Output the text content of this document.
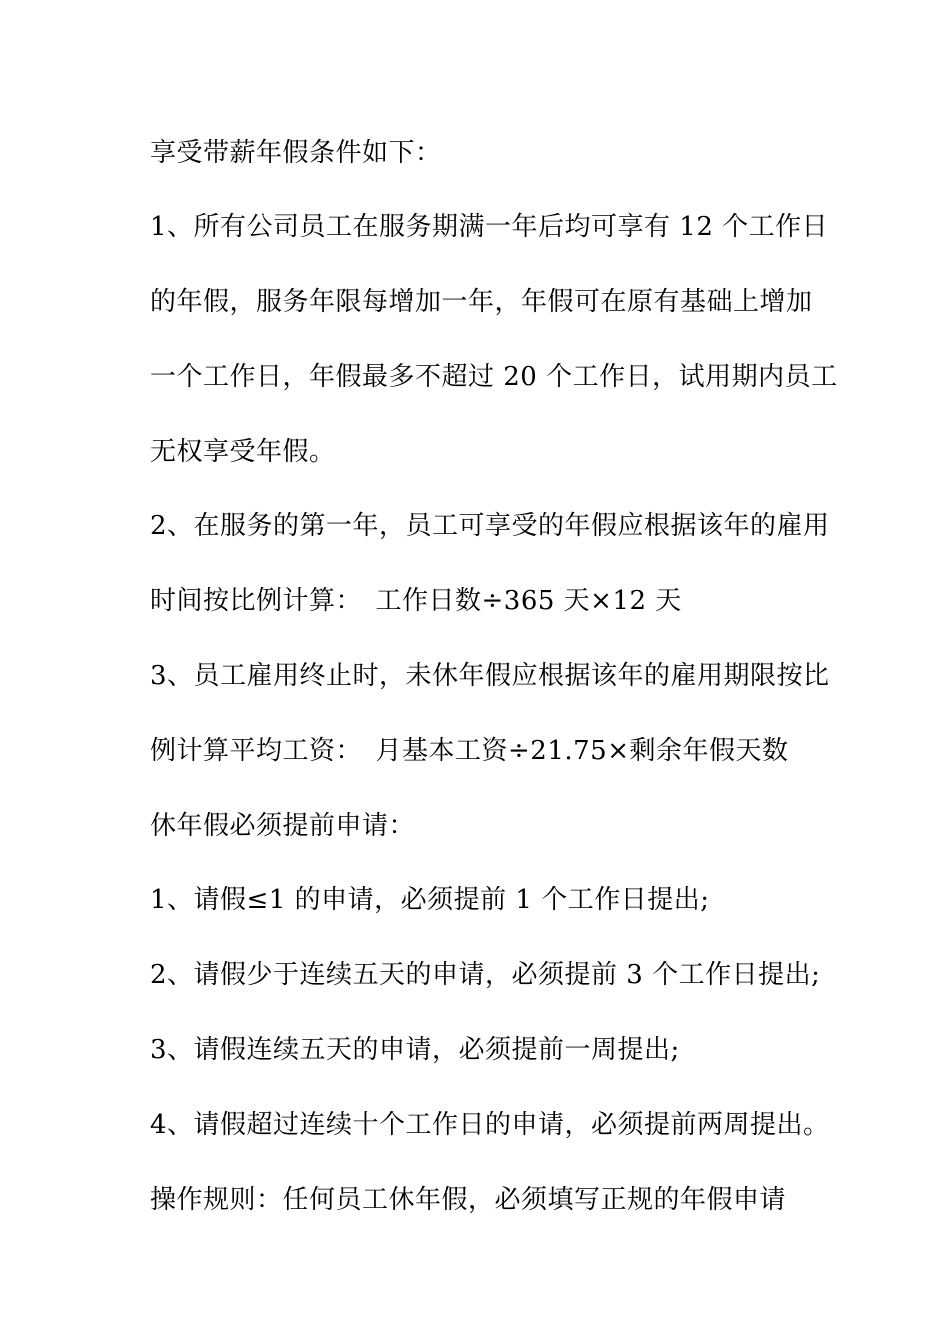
享受带薪年假条件如下：
1、所有公司员工在服务期满一年后均可享有 12 个工作日
的年假，服务年限每增加一年，年假可在原有基础上增加
一个工作日，年假最多不超过 20 个工作日，试用期内员工
无权享受年假。
2、在服务的第一年，员工可享受的年假应根据该年的雇用
时间按比例计算：　工作日数÷365 天×12 天
3、员工雇用终止时，未休年假应根据该年的雇用期限按比
例计算平均工资：　月基本工资÷21.75×剩余年假天数
休年假必须提前申请：
1、请假≤1 的申请，必须提前 1 个工作日提出;
2、请假少于连续五天的申请，必须提前 3 个工作日提出;
3、请假连续五天的申请，必须提前一周提出;
4、请假超过连续十个工作日的申请，必须提前两周提出。
操作规则：任何员工休年假，必须填写正规的年假申请
